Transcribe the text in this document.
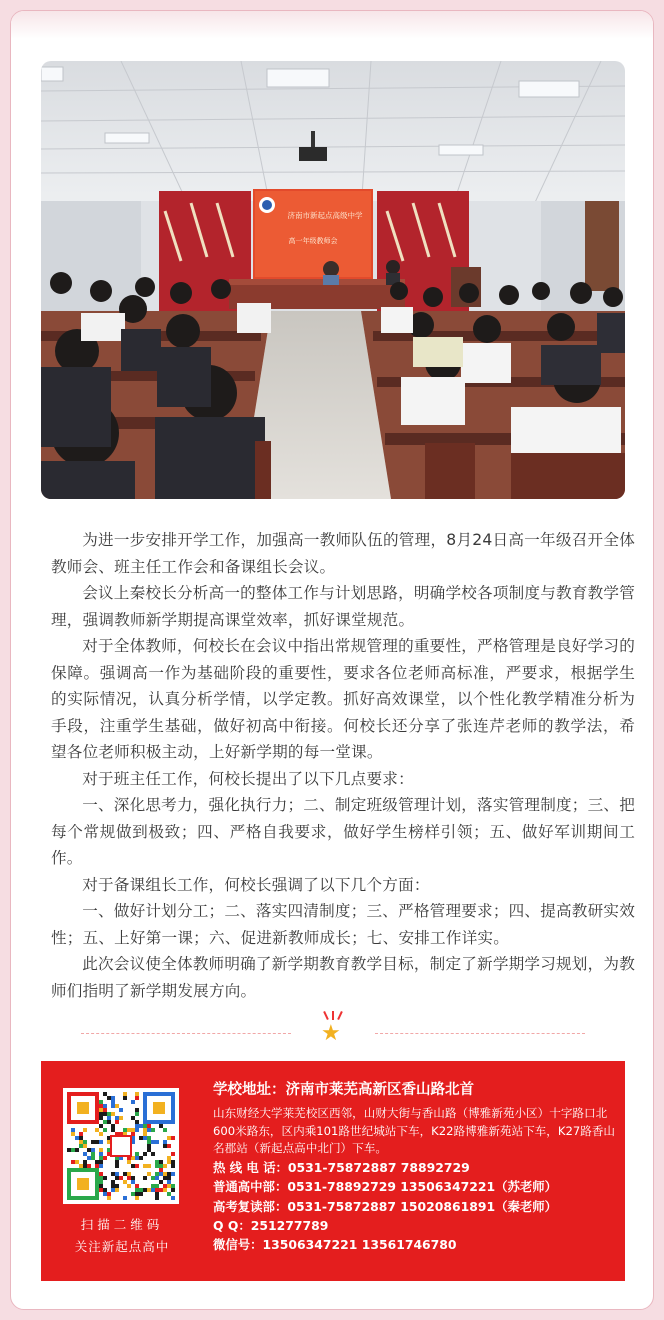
济南市新起点高级中学
高一年级教师会

为进一步安排开学工作，加强高一教师队伍的管理，8月24日高一年级召开全体教师会、班主任工作会和备课组长会议。

会议上秦校长分析高一的整体工作与计划思路，明确学校各项制度与教育教学管理，强调教师新学期提高课堂效率，抓好课堂规范。

对于全体教师，何校长在会议中指出常规管理的重要性，严格管理是良好学习的保障。强调高一作为基础阶段的重要性，要求各位老师高标准，严要求，根据学生的实际情况，认真分析学情，以学定教。抓好高效课堂，以个性化教学精准分析为手段，注重学生基础，做好初高中衔接。何校长还分享了张连芹老师的教学法，希望各位老师积极主动，上好新学期的每一堂课。

对于班主任工作，何校长提出了以下几点要求：

一、深化思考力，强化执行力；二、制定班级管理计划，落实管理制度；三、把每个常规做到极致；四、严格自我要求，做好学生榜样引领；五、做好军训期间工作。

对于备课组长工作，何校长强调了以下几个方面：

一、做好计划分工；二、落实四清制度；三、严格管理要求；四、提高教研实效性；五、上好第一课；六、促进新教师成长；七、安排工作详实。

此次会议使全体教师明确了新学期教育教学目标，制定了新学期学习规划，为教师们指明了新学期发展方向。

★
扫描二维码
关注新起点高中
学校地址：济南市莱芜高新区香山路北首
山东财经大学莱芜校区西邻，山财大街与香山路（博雅新苑小区）十字路口北600米路东，区内乘101路世纪城站下车，K22路博雅新苑站下车，K27路香山名郡站（新起点高中北门）下车。
热 线 电 话：0531-75872887 78892729
普通高中部：0531-78892729 13506347221（苏老师）
高考复读部：0531-75872887 15020861891（秦老师）
Q Q：251277789
微信号：13506347221 13561746780
